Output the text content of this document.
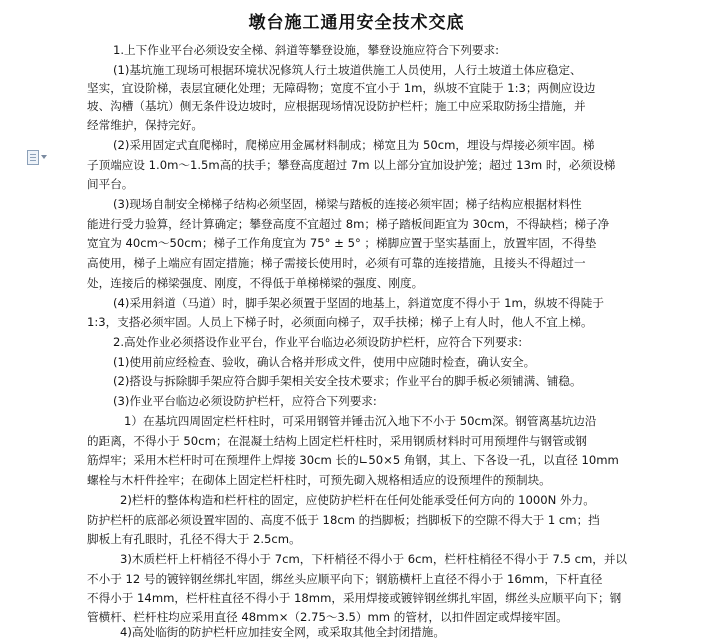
墩台施工通用安全技术交底
1.上下作业平台必须设安全梯、斜道等攀登设施，攀登设施应符合下列要求:
(1)基坑施工现场可根据环境状况修筑人行土坡道供施工人员使用，人行土坡道土体应稳定、
坚实，宜设阶梯，表层宜硬化处理；无障碍物；宽度不宜小于 1m，纵坡不宜陡于 1:3；两侧应设边
坡、沟槽（基坑）侧无条件设边坡时，应根据现场情况设防护栏杆；施工中应采取防扬尘措施，并
经常维护，保持完好。
(2)采用固定式直爬梯时，爬梯应用金属材料制成；梯宽且为 50cm，埋设与焊接必须牢固。梯
子顶端应设 1.0m～1.5m高的扶手；攀登高度超过 7m 以上部分宜加设护笼；超过 13m 时，必须设梯
间平台。
(3)现场自制安全梯梯子结构必须坚固，梯梁与踏板的连接必须牢固；梯子结构应根据材料性
能进行受力验算，经计算确定；攀登高度不宜超过 8m；梯子踏板间距宜为 30cm，不得缺档；梯子净
宽宜为 40cm～50cm；梯子工作角度宜为 75° ± 5° ；梯脚应置于坚实基面上，放置牢固，不得垫
高使用，梯子上端应有固定措施；梯子需接长使用时，必须有可靠的连接措施，且接头不得超过一
处，连接后的梯梁强度、刚度，不得低于单梯梯梁的强度、刚度。
(4)采用斜道（马道）时，脚手架必须置于坚固的地基上，斜道宽度不得小于 1m，纵坡不得陡于
1:3，支搭必须牢固。人员上下梯子时，必须面向梯子，双手扶梯；梯子上有人时，他人不宜上梯。
2.高处作业必须搭设作业平台，作业平台临边必须设防护栏杆，应符合下列要求:
(1)使用前应经检查、验收，确认合格并形成文件，使用中应随时检查，确认安全。
(2)搭设与拆除脚手架应符合脚手架相关安全技术要求；作业平台的脚手板必须铺满、铺稳。
(3)作业平台临边必须设防护栏杆，应符合下列要求:
1）在基坑四周固定栏杆柱时，可采用钢管并锤击沉入地下不小于 50cm深。钢管离基坑边沿
的距离，不得小于 50cm；在混凝土结构上固定栏杆柱时，采用钢质材料时可用预埋件与钢管或钢
筋焊牢；采用木栏杆时可在预埋件上焊接 30cm 长的∟50×5 角钢，其上、下各设一孔，以直径 10mm
螺栓与木杆件拴牢；在砌体上固定栏杆柱时，可预先砌入规格相适应的设预埋件的预制块。
2)栏杆的整体构造和栏杆柱的固定，应使防护栏杆在任何处能承受任何方向的 1000N 外力。
防护栏杆的底部必须设置牢固的、高度不低于 18cm 的挡脚板；挡脚板下的空隙不得大于 1 cm；挡
脚板上有孔眼时，孔径不得大于 2.5cm。
3)木质栏杆上杆梢径不得小于 7cm，下杆梢径不得小于 6cm，栏杆柱梢径不得小于 7.5 cm，并以
不小于 12 号的镀锌钢丝绑扎牢固，绑丝头应顺平向下；钢筋横杆上直径不得小于 16mm，下杆直径
不得小于 14mm，栏杆柱直径不得小于 18mm，采用焊接或镀锌钢丝绑扎牢固，绑丝头应顺平向下；钢
管横杆、栏杆柱均应采用直径 48mm×（2.75～3.5）mm 的管材，以扣件固定或焊接牢固。
4)高处临街的防护栏杆应加挂安全网，或采取其他全封闭措施。
